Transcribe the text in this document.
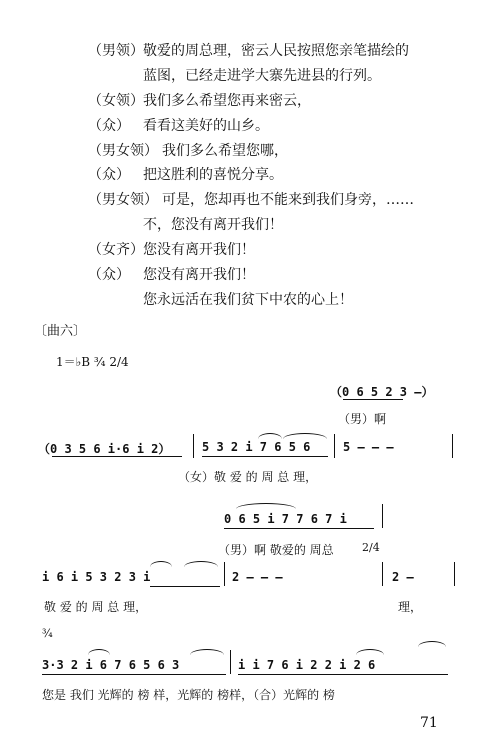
（男领） 敬爱的周总理，密云人民按照您亲笔描绘的
蓝图，已经走进学大寨先进县的行列。
（女领） 我们多么希望您再来密云，
（众） 看看这美好的山乡。
（男女领） 我们多么希望您哪，
（众） 把这胜利的喜悦分享。
（男女领） 可是，您却再也不能来到我们身旁，……
不，您没有离开我们！
（女齐） 您没有离开我们！
（众） 您没有离开我们！
您永远活在我们贫下中农的心上！
〔曲六〕
1＝♭B ¾ 2/4
（0 6 5 2 3 —）
（男）啊
（0 3 5 6 i·6 i 2）	5 3 2 i 7 6 5 6	5 — — —
（女）敬 爱 的 周 总 理，
0 6 5 i 7 7 6 7 i
（男）啊 敬爱的 周总	2/4
i 6 i 5 3 2 3 i	2 — — —	2 —
敬 爱 的 周 总 理，	理，
¾
3·3 2 i 6 7 6 5 6 3	i i 7 6 i 2 2 i 2 6
您是 我们 光辉的 榜 样，光辉的 榜样，（合）光辉的 榜
71
